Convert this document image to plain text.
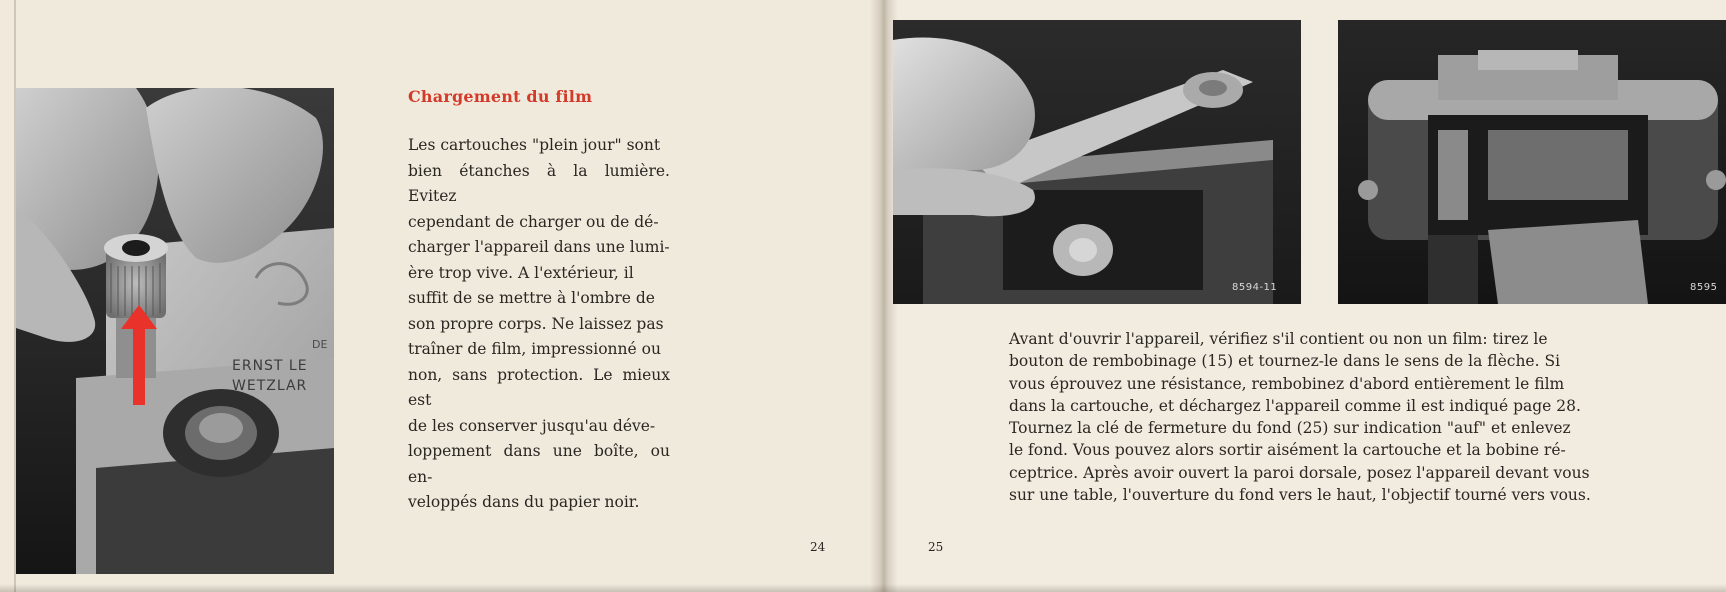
DE
ERNST LE
WETZLAR
Chargement du film
Les cartouches "plein jour" sont
bien étanches à la lumière. Evitez
cependant de charger ou de dé-
charger l'appareil dans une lumi-
ère trop vive. A l'extérieur, il
suffit de se mettre à l'ombre de
son propre corps. Ne laissez pas
traîner de film, impressionné ou
non, sans protection. Le mieux est
de les conserver jusqu'au déve-
loppement dans une boîte, ou en-
veloppés dans du papier noir.
24
8594-11	8595
Avant d'ouvrir l'appareil, vérifiez s'il contient ou non un film: tirez le
bouton de rembobinage (15) et tournez-le dans le sens de la flèche. Si
vous éprouvez une résistance, rembobinez d'abord entièrement le film
dans la cartouche, et déchargez l'appareil comme il est indiqué page 28.
Tournez la clé de fermeture du fond (25) sur indication "auf" et enlevez
le fond. Vous pouvez alors sortir aisément la cartouche et la bobine ré-
ceptrice. Après avoir ouvert la paroi dorsale, posez l'appareil devant vous
sur une table, l'ouverture du fond vers le haut, l'objectif tourné vers vous.
25
